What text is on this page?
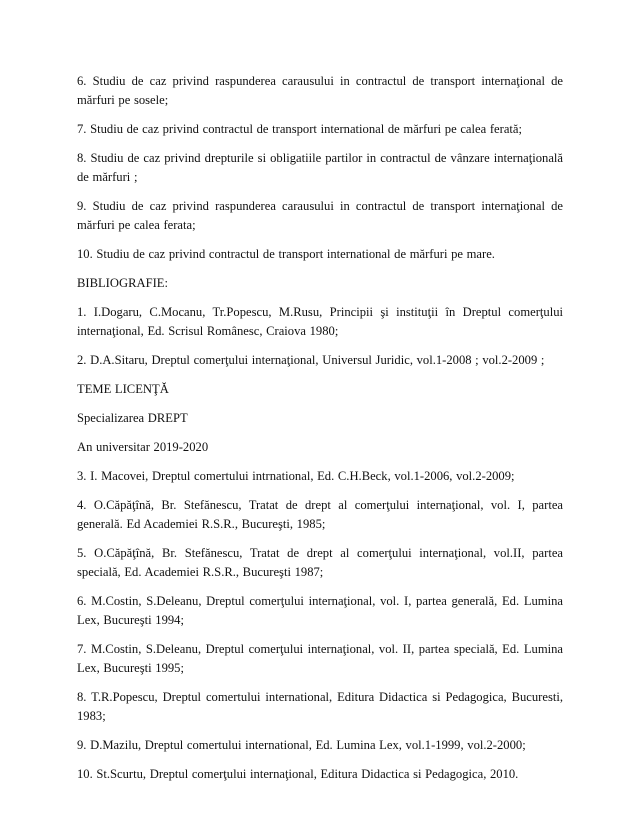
6. Studiu de caz privind raspunderea carausului in contractul de transport internaţional de mărfuri pe sosele;

7. Studiu de caz privind contractul de transport international de mărfuri pe calea ferată;

8. Studiu de caz privind drepturile si obligatiile partilor in contractul de vânzare internaţională de mărfuri ;

9. Studiu de caz privind raspunderea carausului in contractul de transport internaţional de mărfuri pe calea ferata;

10. Studiu de caz privind contractul de transport international de mărfuri pe mare.

BIBLIOGRAFIE:

1. I.Dogaru, C.Mocanu, Tr.Popescu, M.Rusu, Principii şi instituţii în Dreptul comerţului internaţional, Ed. Scrisul Românesc, Craiova 1980;

2. D.A.Sitaru, Dreptul comerţului internaţional, Universul Juridic, vol.1-2008 ; vol.2-2009 ;

TEME LICENŢĂ

Specializarea DREPT

An universitar 2019-2020

3. I. Macovei, Dreptul comertului intrnational, Ed. C.H.Beck, vol.1-2006, vol.2-2009;

4. O.Căpăţînă, Br. Stefănescu, Tratat de drept al comerţului internaţional, vol. I, partea generală. Ed Academiei R.S.R., Bucureşti, 1985;

5. O.Căpăţînă, Br. Stefănescu, Tratat de drept al comerţului internaţional, vol.II, partea specială, Ed. Academiei R.S.R., Bucureşti 1987;

6. M.Costin, S.Deleanu, Dreptul comerţului internaţional, vol. I, partea generală, Ed. Lumina Lex, Bucureşti 1994;

7. M.Costin, S.Deleanu, Dreptul comerţului internaţional, vol. II, partea specială, Ed. Lumina Lex, Bucureşti 1995;

8. T.R.Popescu, Dreptul comertului international, Editura Didactica si Pedagogica, Bucuresti, 1983;

9. D.Mazilu, Dreptul comertului international, Ed. Lumina Lex, vol.1-1999, vol.2-2000;

10. St.Scurtu, Dreptul comerţului internaţional, Editura Didactica si Pedagogica, 2010.
